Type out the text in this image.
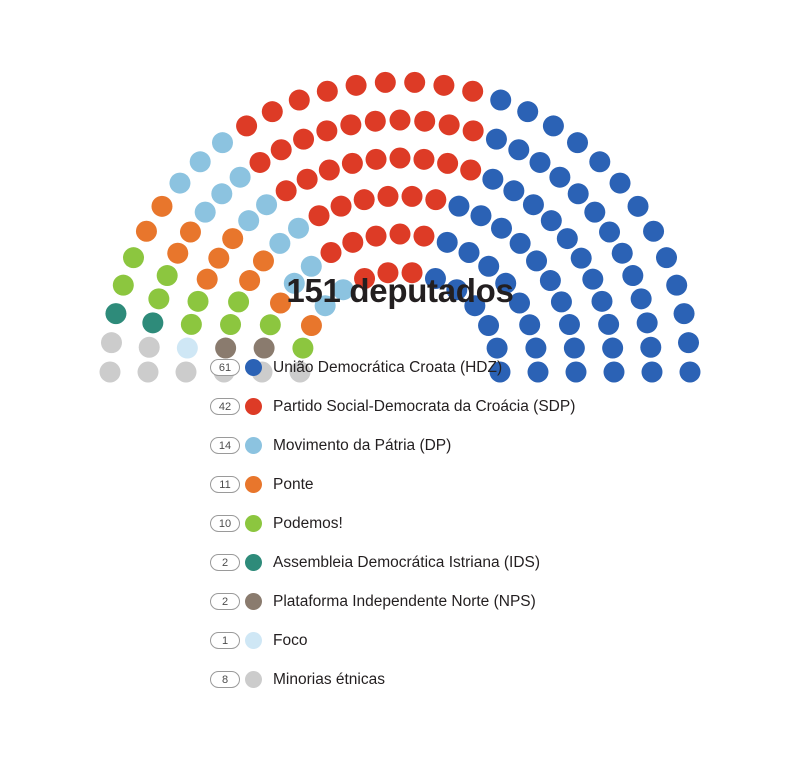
151 deputados
61	União Democrática Croata (HDZ)
42	Partido Social-Democrata da Croácia (SDP)
14	Movimento da Pátria (DP)
11	Ponte
10	Podemos!
2	Assembleia Democrática Istriana (IDS)
2	Plataforma Independente Norte (NPS)
1	Foco
8	Minorias étnicas
